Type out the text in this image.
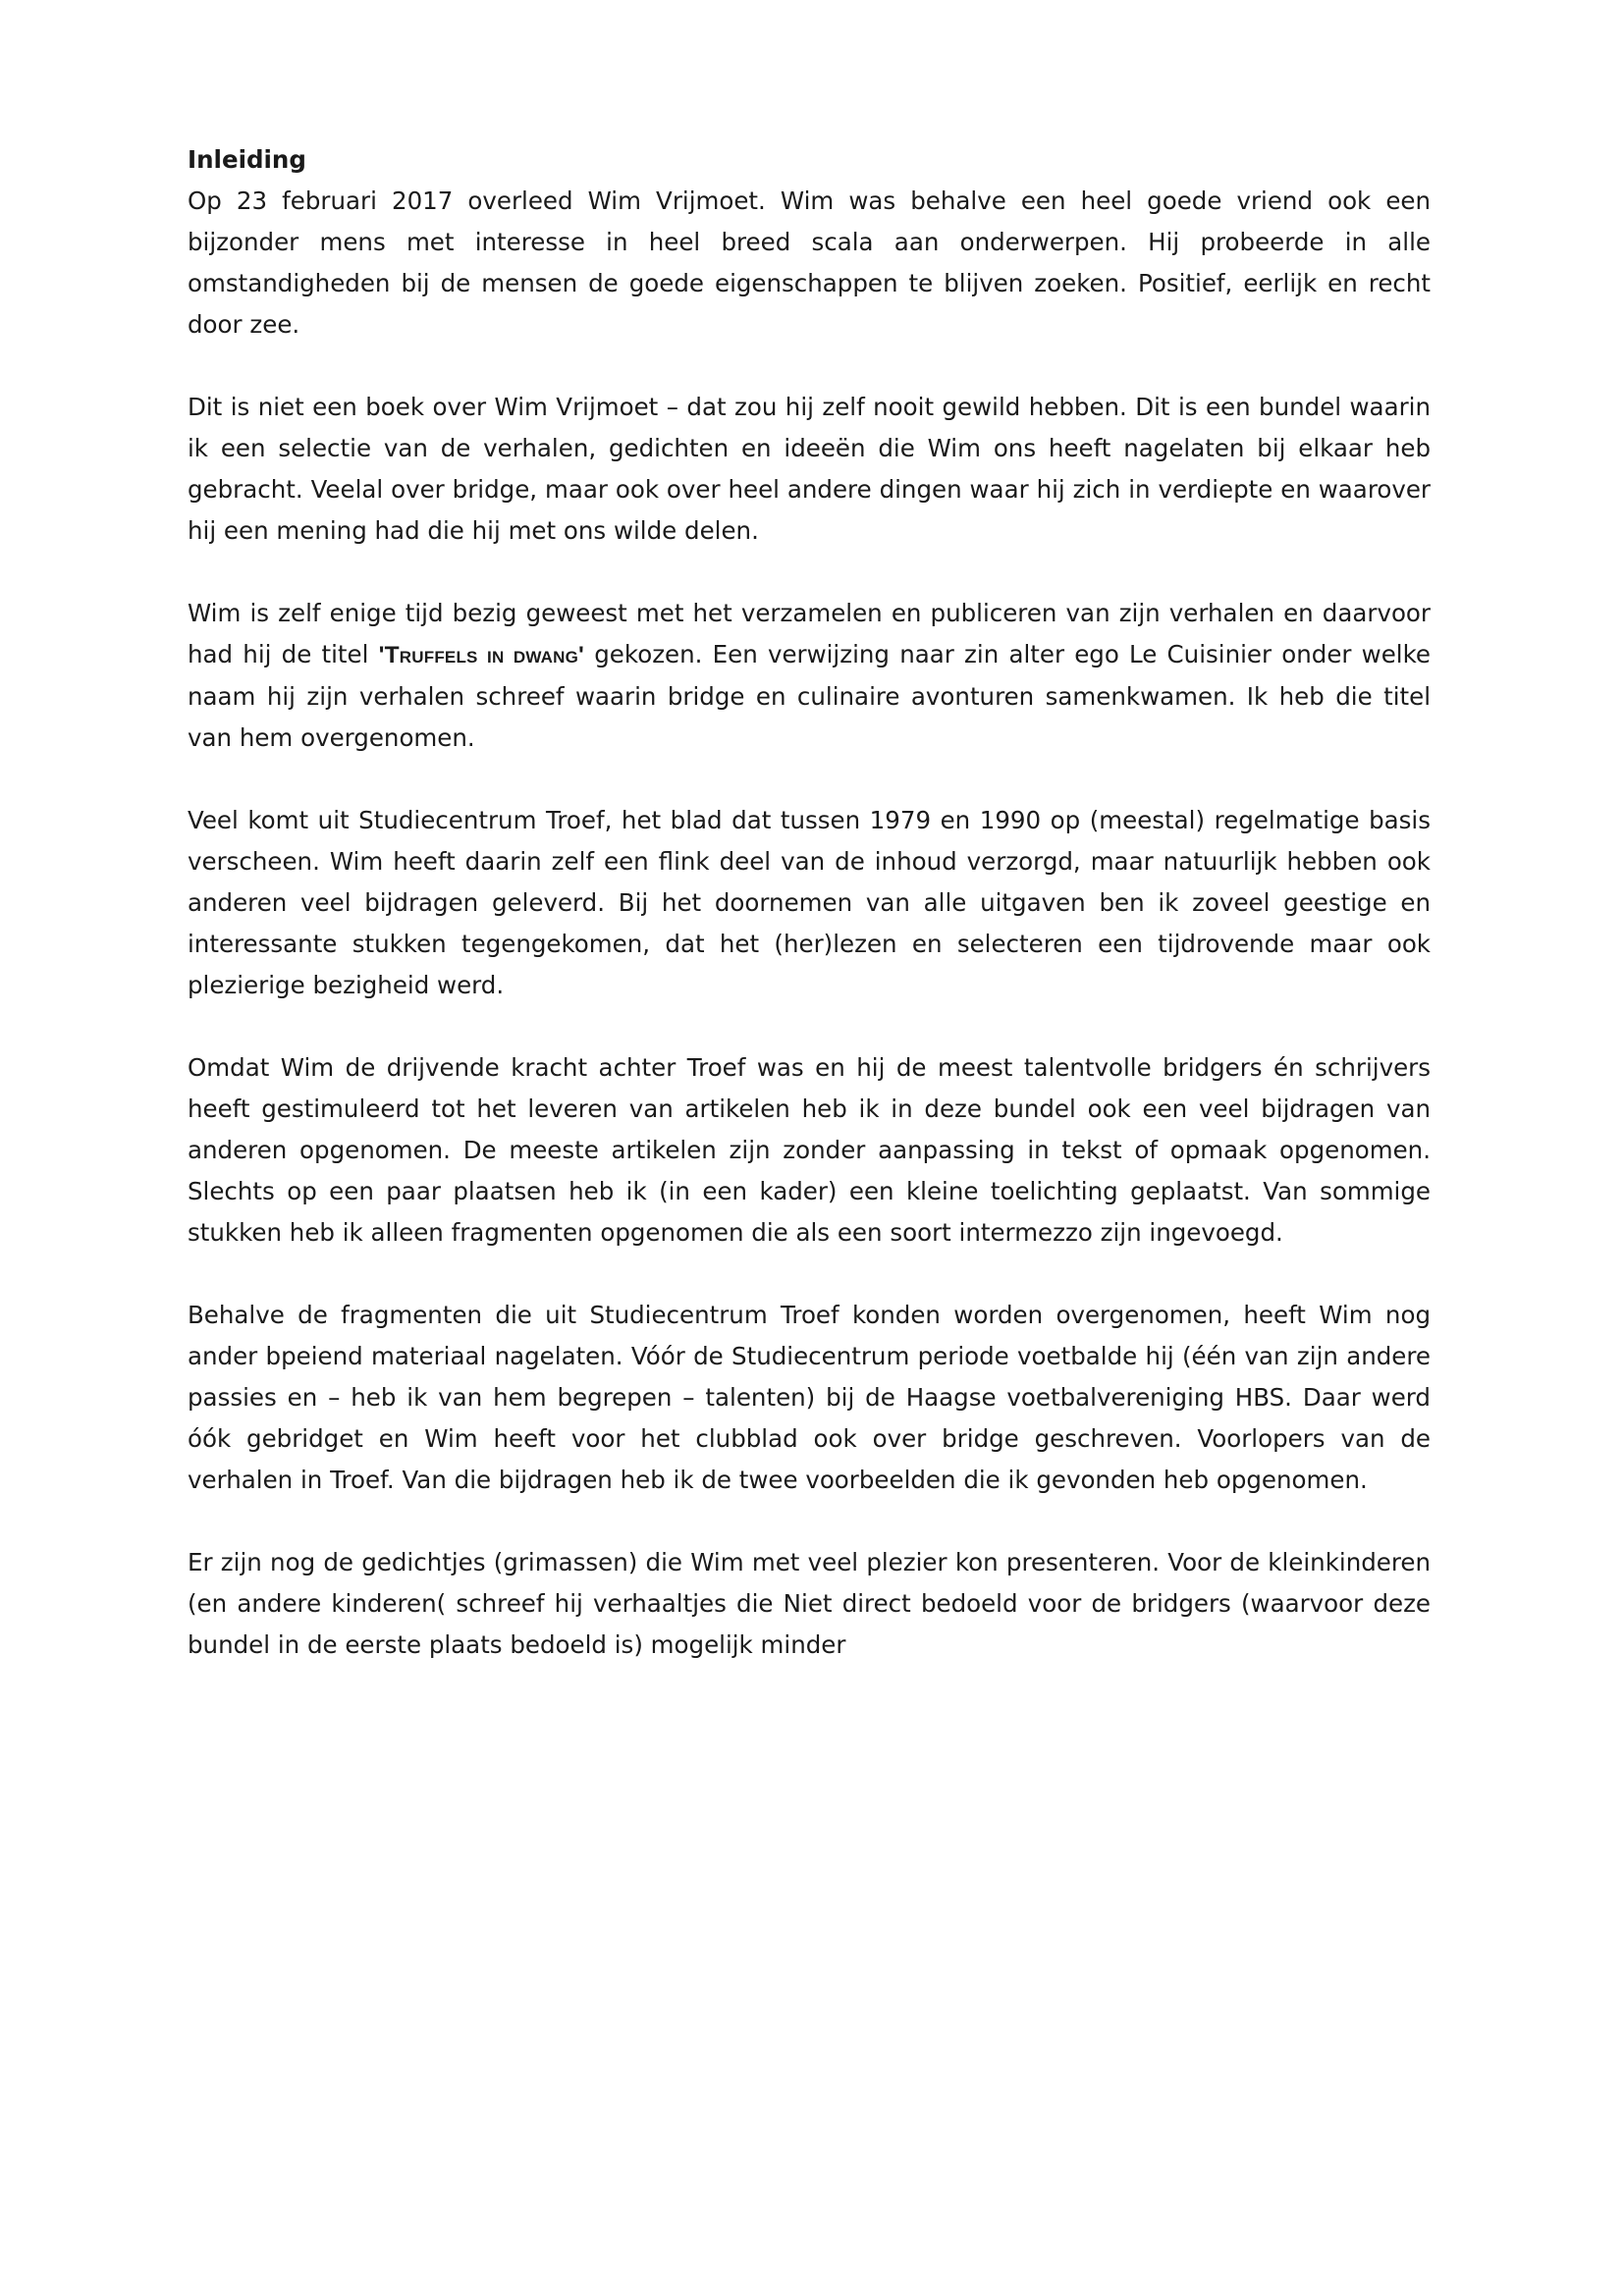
Inleiding

Op 23 februari 2017 overleed Wim Vrijmoet. Wim was behalve een heel goede vriend ook een bijzonder mens met interesse in heel breed scala aan onderwerpen. Hij probeerde in alle omstandigheden bij de mensen de goede eigenschappen te blijven zoeken. Positief, eerlijk en recht door zee.

Dit is niet een boek over Wim Vrijmoet – dat zou hij zelf nooit gewild hebben. Dit is een bundel waarin ik een selectie van de verhalen, gedichten en ideeën die Wim ons heeft nagelaten bij elkaar heb gebracht. Veelal over bridge, maar ook over heel andere dingen waar hij zich in verdiepte en waarover hij een mening had die hij met ons wilde delen.

Wim is zelf enige tijd bezig geweest met het verzamelen en publiceren van zijn verhalen en daarvoor had hij de titel 'Truffels in dwang' gekozen. Een verwijzing naar zin alter ego Le Cuisinier onder welke naam hij zijn verhalen schreef waarin bridge en culinaire avonturen samenkwamen. Ik heb die titel van hem overgenomen.

Veel komt uit Studiecentrum Troef, het blad dat tussen 1979 en 1990 op (meestal) regelmatige basis verscheen. Wim heeft daarin zelf een flink deel van de inhoud verzorgd, maar natuurlijk hebben ook anderen veel bijdragen geleverd. Bij het doornemen van alle uitgaven ben ik zoveel geestige en interessante stukken tegengekomen, dat het (her)lezen en selecteren een tijdrovende maar ook plezierige bezigheid werd.

Omdat Wim de drijvende kracht achter Troef was en hij de meest talentvolle bridgers én schrijvers heeft gestimuleerd tot het leveren van artikelen heb ik in deze bundel ook een veel bijdragen van anderen opgenomen. De meeste artikelen zijn zonder aanpassing in tekst of opmaak opgenomen. Slechts op een paar plaatsen heb ik (in een kader) een kleine toelichting geplaatst. Van sommige stukken heb ik alleen fragmenten opgenomen die als een soort intermezzo zijn ingevoegd.

Behalve de fragmenten die uit Studiecentrum Troef konden worden overgenomen, heeft Wim nog ander bpeiend materiaal nagelaten. Vóór de Studiecentrum periode voetbalde hij (één van zijn andere passies en – heb ik van hem begrepen – talenten) bij de Haagse voetbalvereniging HBS. Daar werd óók gebridget en Wim heeft voor het clubblad ook over bridge geschreven. Voorlopers van de verhalen in Troef. Van die bijdragen heb ik de twee voorbeelden die ik gevonden heb opgenomen.

Er zijn nog de gedichtjes (grimassen) die Wim met veel plezier kon presenteren. Voor de kleinkinderen (en andere kinderen( schreef hij verhaaltjes die Niet direct bedoeld voor de bridgers (waarvoor deze bundel in de eerste plaats bedoeld is) mogelijk minder
